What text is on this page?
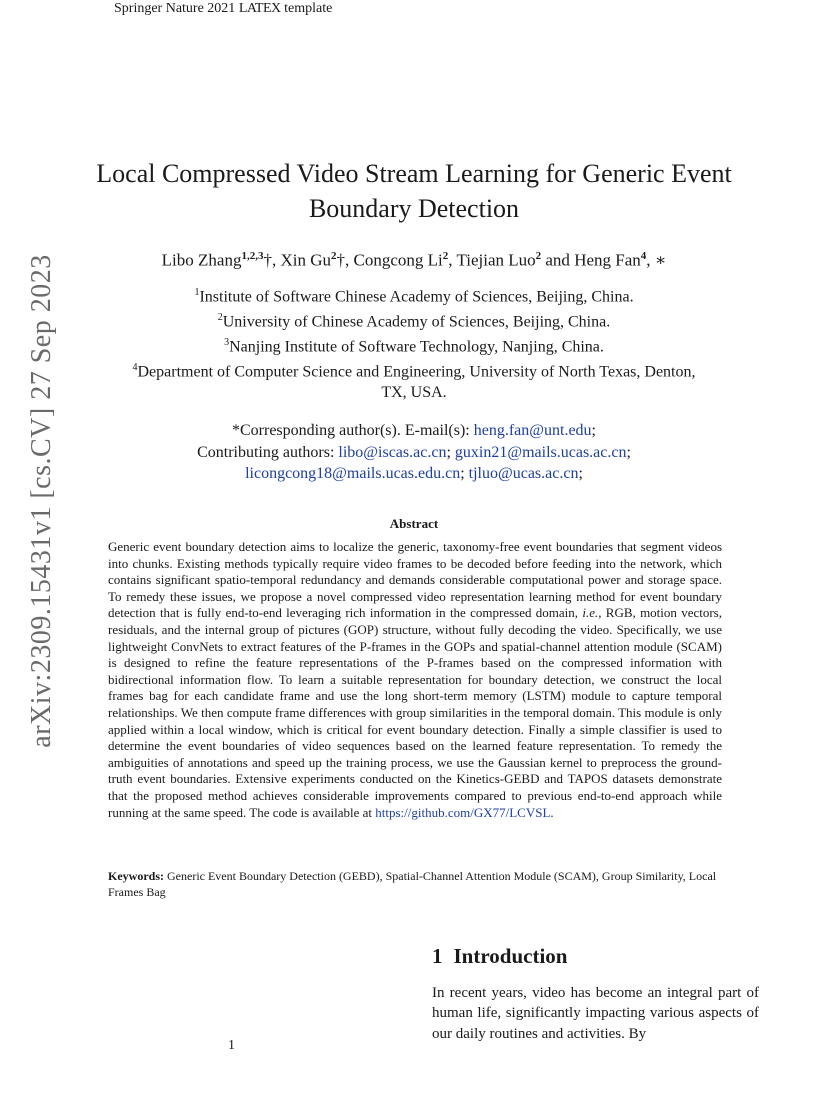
Springer Nature 2021 LATEX template
arXiv:2309.15431v1 [cs.CV] 27 Sep 2023
Local Compressed Video Stream Learning for Generic Event
Boundary Detection
Libo Zhang$^{1,2,3}$†, Xin Gu$^2$†, Congcong Li$^2$, Tiejian Luo$^2$ and Heng Fan$^4$, ∗
$^1$Institute of Software Chinese Academy of Sciences, Beijing, China.
$^2$University of Chinese Academy of Sciences, Beijing, China.
$^3$Nanjing Institute of Software Technology, Nanjing, China.
$^4$Department of Computer Science and Engineering, University of North Texas, Denton,
TX, USA.
*Corresponding author(s). E-mail(s): heng.fan@unt.edu;
Contributing authors: libo@iscas.ac.cn; guxin21@mails.ucas.ac.cn;
licongcong18@mails.ucas.edu.cn; tjluo@ucas.ac.cn;
Abstract
Generic event boundary detection aims to localize the generic, taxonomy-free event boundaries that segment videos into chunks. Existing methods typically require video frames to be decoded before feeding into the network, which contains significant spatio-temporal redundancy and demands considerable computational power and storage space. To remedy these issues, we propose a novel compressed video representation learning method for event boundary detection that is fully end-to-end leveraging rich information in the compressed domain, i.e., RGB, motion vectors, residuals, and the internal group of pictures (GOP) structure, without fully decoding the video. Specifically, we use lightweight ConvNets to extract features of the P-frames in the GOPs and spatial-channel attention module (SCAM) is designed to refine the feature representations of the P-frames based on the compressed information with bidirectional information flow. To learn a suitable representation for boundary detection, we construct the local frames bag for each candidate frame and use the long short-term memory (LSTM) module to capture temporal relationships. We then compute frame differences with group similarities in the temporal domain. This module is only applied within a local window, which is critical for event boundary detection. Finally a simple classifier is used to determine the event boundaries of video sequences based on the learned feature representation. To remedy the ambiguities of annotations and speed up the training process, we use the Gaussian kernel to preprocess the ground-truth event boundaries. Extensive experiments conducted on the Kinetics-GEBD and TAPOS datasets demonstrate that the proposed method achieves considerable improvements compared to previous end-to-end approach while running at the same speed. The code is available at https://github.com/GX77/LCVSL.
Keywords: Generic Event Boundary Detection (GEBD), Spatial-Channel Attention Module (SCAM), Group Similarity, Local Frames Bag
1 Introduction
In recent years, video has become an integral part of human life, significantly impacting various aspects of our daily routines and activities. By
1
